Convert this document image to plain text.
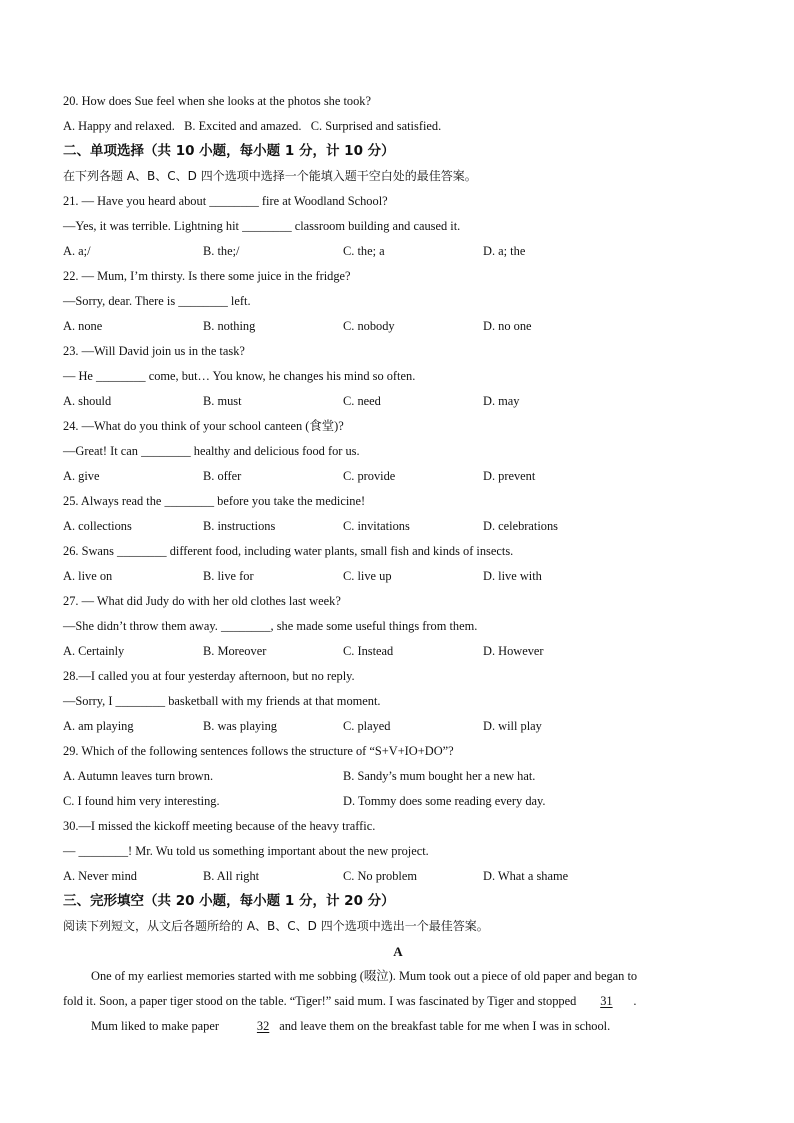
20. How does Sue feel when she looks at the photos she took?
A. Happy and relaxed. B. Excited and amazed. C. Surprised and satisfied.
二、单项选择（共 10 小题，每小题 1 分，计 10 分）
在下列各题 A、B、C、D 四个选项中选择一个能填入题干空白处的最佳答案。
21. — Have you heard about ________ fire at Woodland School?
—Yes, it was terrible. Lightning hit ________ classroom building and caused it.
A. a;/	B. the;/	C. the; a	D. a; the
22. — Mum, I’m thirsty. Is there some juice in the fridge?
—Sorry, dear. There is ________ left.
A. none	B. nothing	C. nobody	D. no one
23. —Will David join us in the task?
— He ________ come, but… You know, he changes his mind so often.
A. should	B. must	C. need	D. may
24. —What do you think of your school canteen (食堂)?
—Great! It can ________ healthy and delicious food for us.
A. give	B. offer	C. provide	D. prevent
25. Always read the ________ before you take the medicine!
A. collections	B. instructions	C. invitations	D. celebrations
26. Swans ________ different food, including water plants, small fish and kinds of insects.
A. live on	B. live for	C. live up	D. live with
27. — What did Judy do with her old clothes last week?
—She didn’t throw them away. ________, she made some useful things from them.
A. Certainly	B. Moreover	C. Instead	D. However
28.—I called you at four yesterday afternoon, but no reply.
—Sorry, I ________ basketball with my friends at that moment.
A. am playing	B. was playing	C. played	D. will play
29. Which of the following sentences follows the structure of “S+V+IO+DO”?
A. Autumn leaves turn brown.	B. Sandy’s mum bought her a new hat.
C. I found him very interesting.	D. Tommy does some reading every day.
30.—I missed the kickoff meeting because of the heavy traffic.
— ________! Mr. Wu told us something important about the new project.
A. Never mind	B. All right	C. No problem	D. What a shame
三、完形填空（共 20 小题，每小题 1 分，计 20 分）
阅读下列短文，从文后各题所给的 A、B、C、D 四个选项中选出一个最佳答案。
A
One of my earliest memories started with me sobbing (啜泣). Mum took out a piece of old paper and began to
fold it. Soon, a paper tiger stood on the table. “Tiger!” said mum. I was fascinated by Tiger and stopped 31 .
Mum liked to make paper	32 and leave them on the breakfast table for me when I was in school.
